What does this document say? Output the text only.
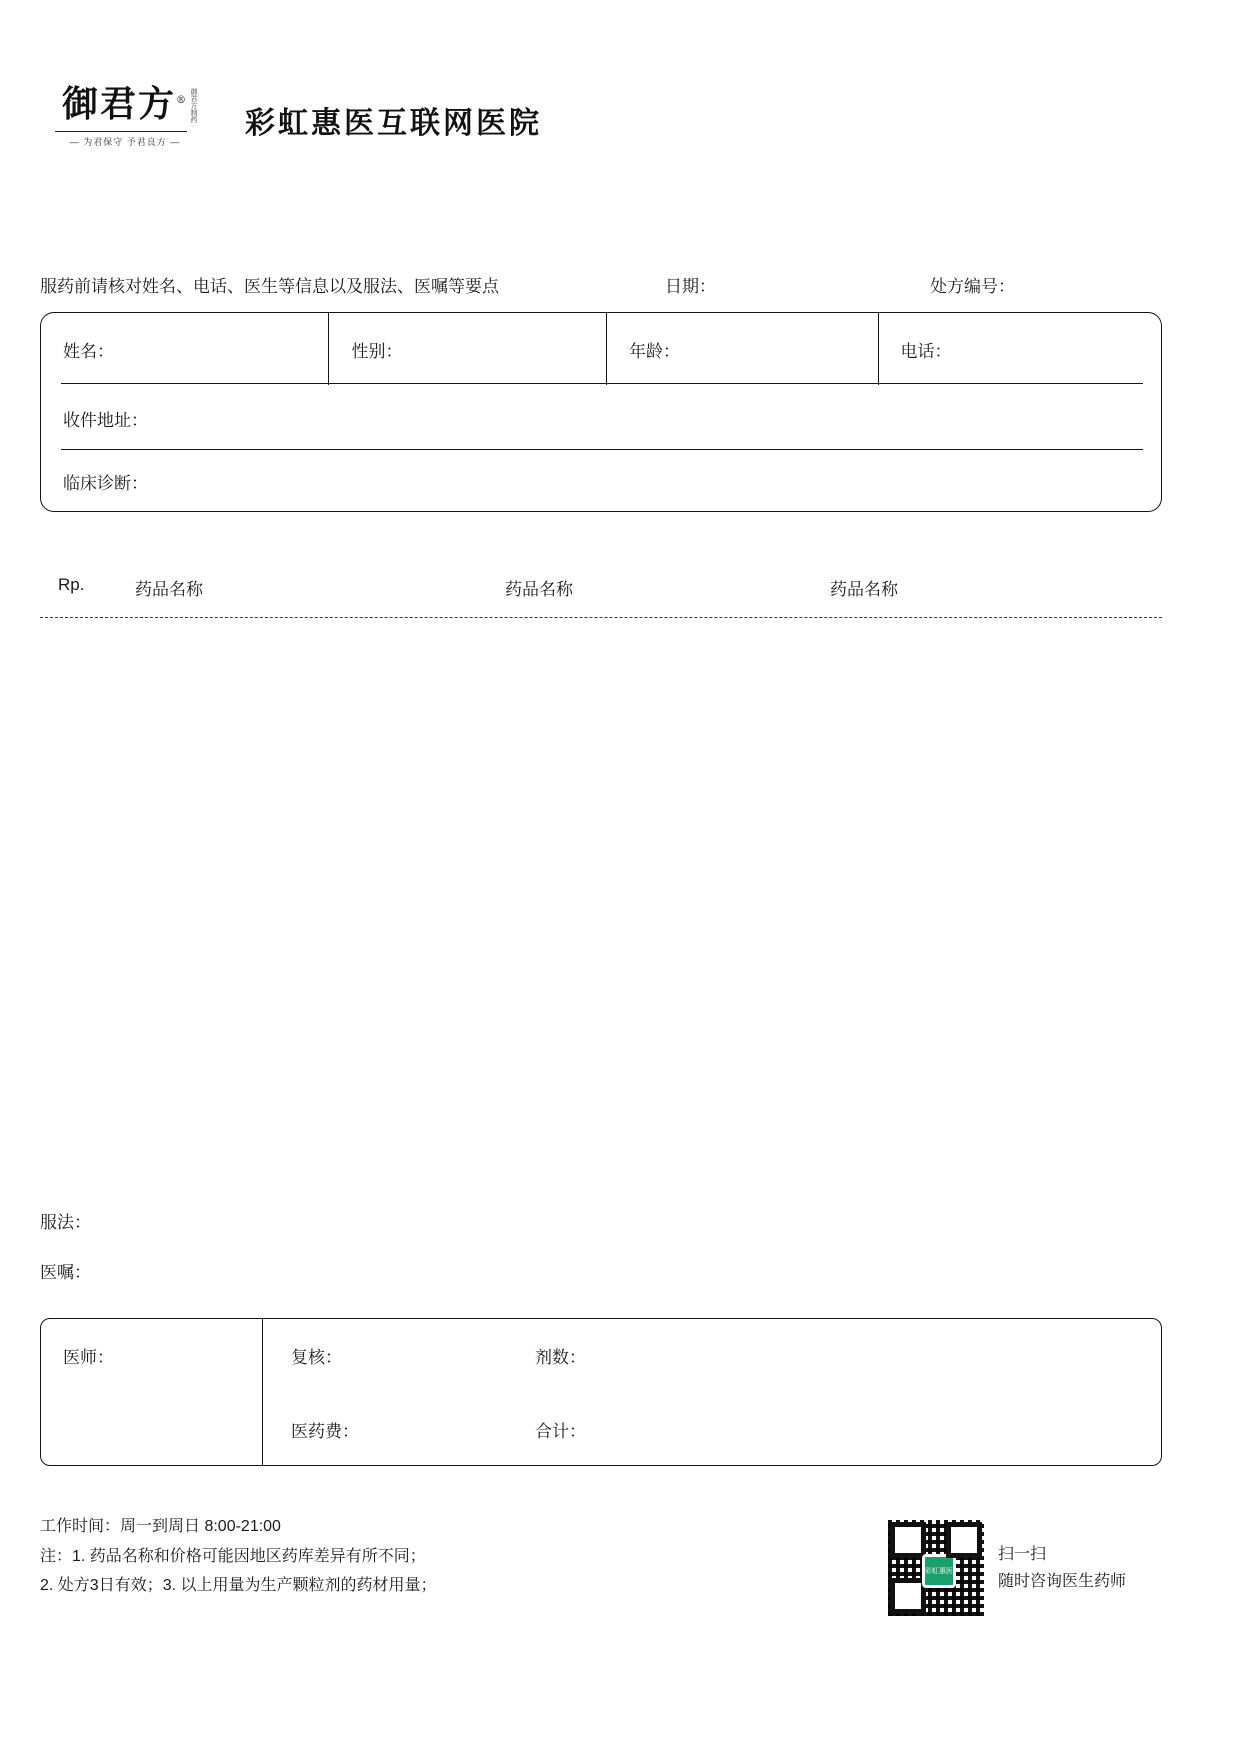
御君方® 御君方制药
— 为君保守 予君良方 —
彩虹惠医互联网医院
服药前请核对姓名、电话、医生等信息以及服法、医嘱等要点	日期：	处方编号：
姓名：	性别：	年龄：	电话：
收件地址：
临床诊断：
Rp.	药品名称	药品名称	药品名称
服法：
医嘱：
医师：	复核：	剂数：
医药费：	合计：
工作时间：周一到周日 8:00-21:00
注：1. 药品名称和价格可能因地区药库差异有所不同；
2. 处方3日有效；3. 以上用量为生产颗粒剂的药材用量；
彩虹惠医
扫一扫
随时咨询医生药师
